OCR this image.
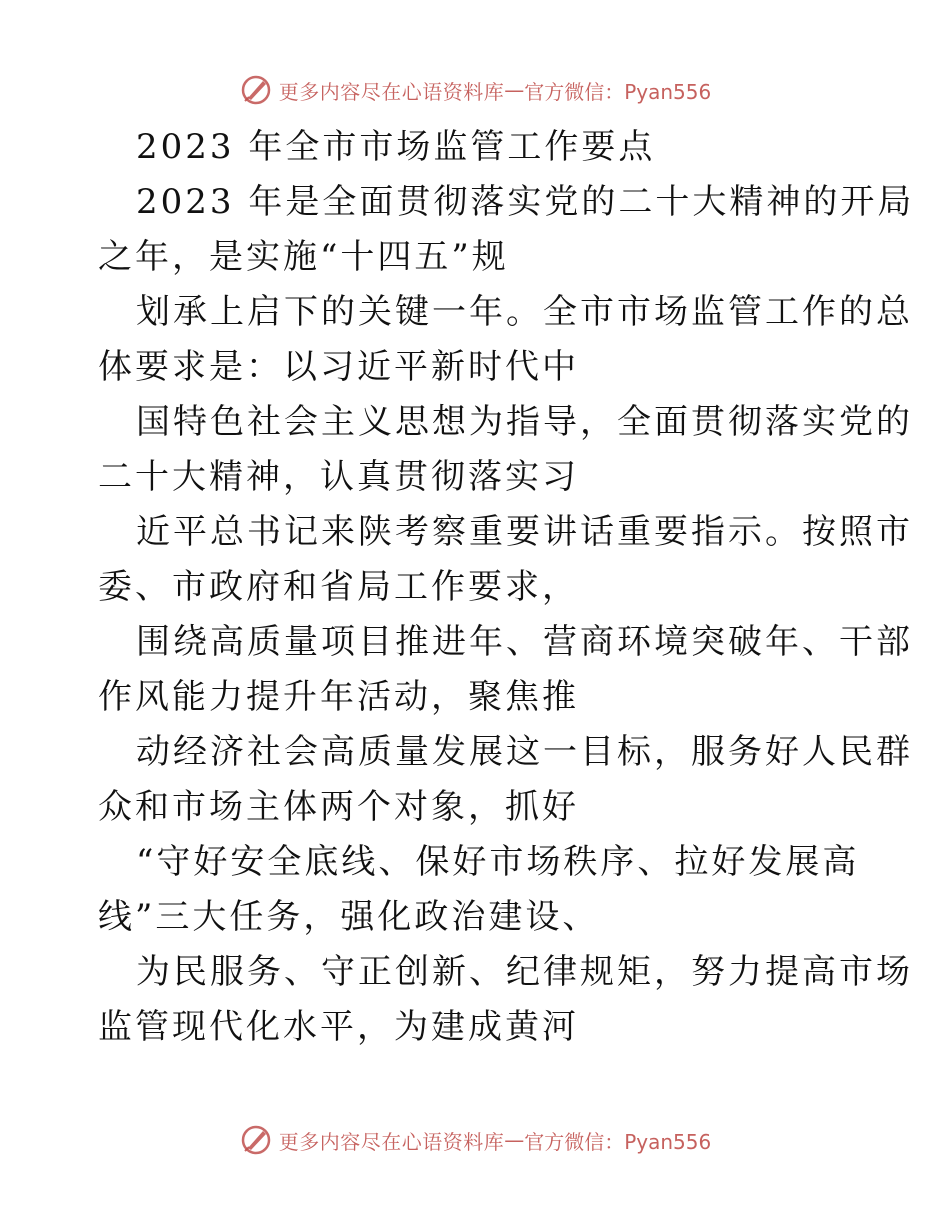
更多内容尽在心语资料库 — 官方微信：Pyan556
2023 年全市市场监管工作要点
2023 年是全面贯彻落实党的二十大精神的开局
之年，是实施“十四五”规
划承上启下的关键一年。全市市场监管工作的总
体要求是：以习近平新时代中
国特色社会主义思想为指导，全面贯彻落实党的
二十大精神，认真贯彻落实习
近平总书记来陕考察重要讲话重要指示。按照市
委、市政府和省局工作要求，
围绕高质量项目推进年、营商环境突破年、干部
作风能力提升年活动，聚焦推
动经济社会高质量发展这一目标，服务好人民群
众和市场主体两个对象，抓好
“守好安全底线、保好市场秩序、拉好发展高
线”三大任务，强化政治建设、
为民服务、守正创新、纪律规矩，努力提高市场
监管现代化水平，为建成黄河
更多内容尽在心语资料库 — 官方微信：Pyan556
